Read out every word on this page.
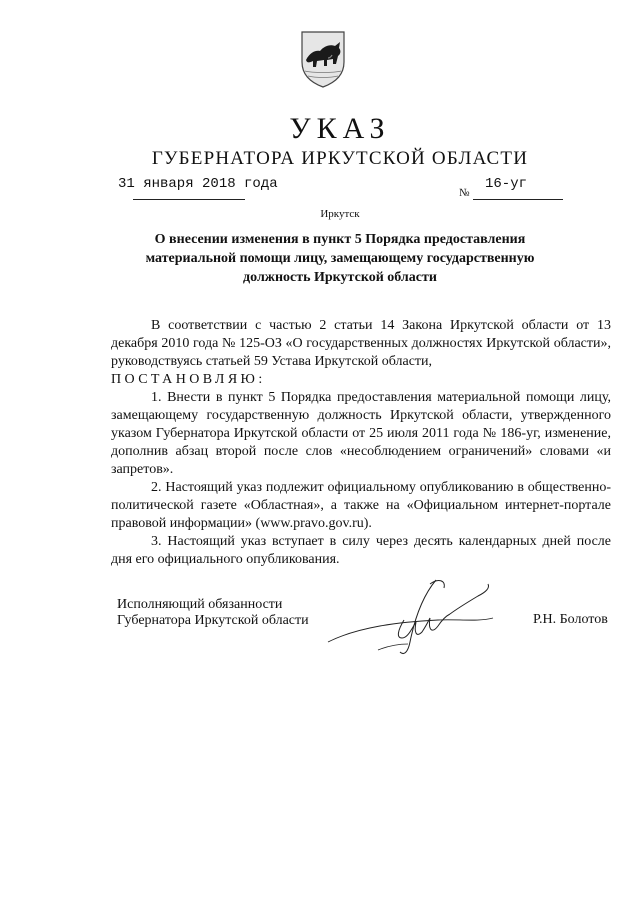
УКАЗ
ГУБЕРНАТОРА ИРКУТСКОЙ ОБЛАСТИ
31 января 2018 года
№
16-уг
Иркутск
О внесении изменения в пункт 5 Порядка предоставления материальной помощи лицу, замещающему государственную должность Иркутской области

В соответствии с частью 2 статьи 14 Закона Иркутской области от 13 декабря 2010 года № 125-ОЗ «О государственных должностях Иркутской области», руководствуясь статьей 59 Устава Иркутской области,

ПОСТАНОВЛЯЮ:

1. Внести в пункт 5 Порядка предоставления материальной помощи лицу, замещающему государственную должность Иркутской области, утвержденного указом Губернатора Иркутской области от 25 июля 2011 года № 186-уг, изменение, дополнив абзац второй после слов «несоблюдением ограничений» словами «и запретов».

2. Настоящий указ подлежит официальному опубликованию в общественно-политической газете «Областная», а также на «Официальном интернет-портале правовой информации» (www.pravo.gov.ru).

3. Настоящий указ вступает в силу через десять календарных дней после дня его официального опубликования.

Исполняющий обязанности
Губернатора Иркутской области	Р.Н. Болотов
